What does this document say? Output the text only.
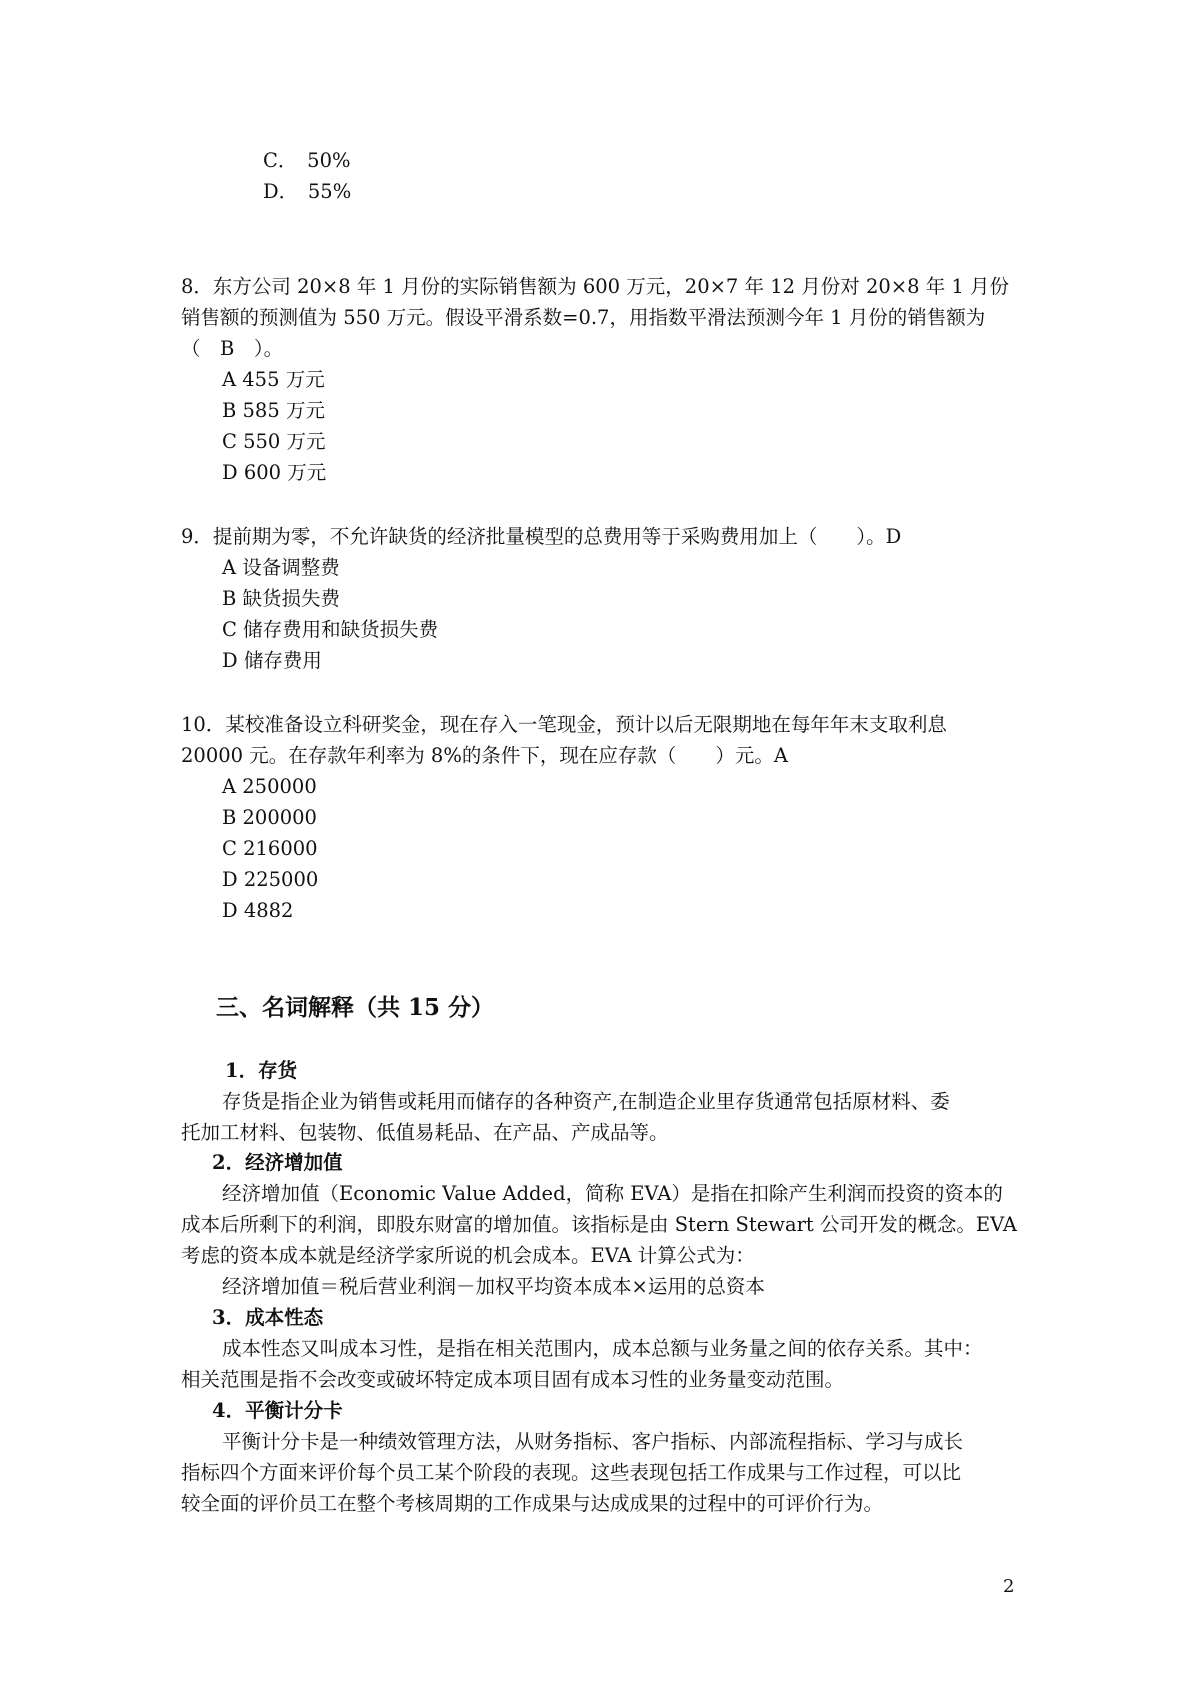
C．　50%
D．　55%
8．东方公司 20×8 年 1 月份的实际销售额为 600 万元，20×7 年 12 月份对 20×8 年 1 月份
销售额的预测值为 550 万元。假设平滑系数=0.7，用指数平滑法预测今年 1 月份的销售额为
（　B　）。
A 455 万元
B 585 万元
C 550 万元
D 600 万元
9．提前期为零，不允许缺货的经济批量模型的总费用等于采购费用加上（　　）。D
A 设备调整费
B 缺货损失费
C 储存费用和缺货损失费
D 储存费用
10．某校准备设立科研奖金，现在存入一笔现金，预计以后无限期地在每年年末支取利息
20000 元。在存款年利率为 8%的条件下，现在应存款（　　）元。A
A 250000
B 200000
C 216000
D 225000
D 4882
三、名词解释（共 15 分）
1．存货
存货是指企业为销售或耗用而储存的各种资产,在制造企业里存货通常包括原材料、委
托加工材料、包装物、低值易耗品、在产品、产成品等。
2．经济增加值
经济增加值（Economic Value Added，简称 EVA）是指在扣除产生利润而投资的资本的
成本后所剩下的利润，即股东财富的增加值。该指标是由 Stern Stewart 公司开发的概念。EVA
考虑的资本成本就是经济学家所说的机会成本。EVA 计算公式为：
经济增加值＝税后营业利润－加权平均资本成本×运用的总资本
3．成本性态
成本性态又叫成本习性，是指在相关范围内，成本总额与业务量之间的依存关系。其中：
相关范围是指不会改变或破坏特定成本项目固有成本习性的业务量变动范围。
4．平衡计分卡
平衡计分卡是一种绩效管理方法，从财务指标、客户指标、内部流程指标、学习与成长
指标四个方面来评价每个员工某个阶段的表现。这些表现包括工作成果与工作过程，可以比
较全面的评价员工在整个考核周期的工作成果与达成成果的过程中的可评价行为。
2
